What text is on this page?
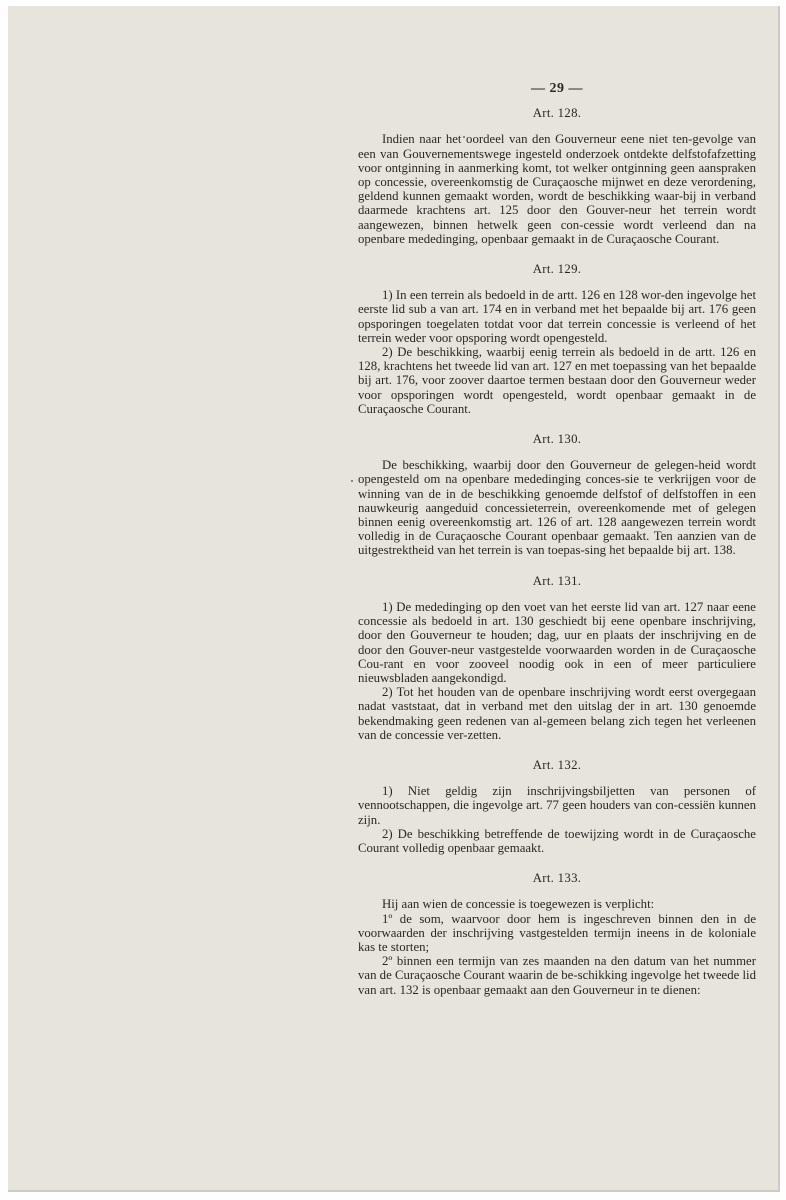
— 29 —
Art. 128.

Indien naar het oordeel van den Gouverneur eene niet ten-gevolge van een van Gouvernementswege ingesteld onderzoek ontdekte delfstofafzetting voor ontginning in aanmerking komt, tot welker ontginning geen aanspraken op concessie, overeenkomstig de Curaçaosche mijnwet en deze verordening, geldend kunnen gemaakt worden, wordt de beschikking waar-bij in verband daarmede krachtens art. 125 door den Gouver-neur het terrein wordt aangewezen, binnen hetwelk geen con-cessie wordt verleend dan na openbare mededinging, openbaar gemaakt in de Curaçaosche Courant.

Art. 129.

1) In een terrein als bedoeld in de artt. 126 en 128 wor-den ingevolge het eerste lid sub a van art. 174 en in verband met het bepaalde bij art. 176 geen opsporingen toegelaten totdat voor dat terrein concessie is verleend of het terrein weder voor opsporing wordt opengesteld.

2) De beschikking, waarbij eenig terrein als bedoeld in de artt. 126 en 128, krachtens het tweede lid van art. 127 en met toepassing van het bepaalde bij art. 176, voor zoover daartoe termen bestaan door den Gouverneur weder voor opsporingen wordt opengesteld, wordt openbaar gemaakt in de Curaçaosche Courant.

Art. 130.

De beschikking, waarbij door den Gouverneur de gelegen-heid wordt opengesteld om na openbare mededinging conces-sie te verkrijgen voor de winning van de in de beschikking genoemde delfstof of delfstoffen in een nauwkeurig aangeduid concessieterrein, overeenkomende met of gelegen binnen eenig overeenkomstig art. 126 of art. 128 aangewezen terrein wordt volledig in de Curaçaosche Courant openbaar gemaakt. Ten aanzien van de uitgestrektheid van het terrein is van toepas-sing het bepaalde bij art. 138.

Art. 131.

1) De mededinging op den voet van het eerste lid van art. 127 naar eene concessie als bedoeld in art. 130 geschiedt bij eene openbare inschrijving, door den Gouverneur te houden; dag, uur en plaats der inschrijving en de door den Gouver-neur vastgestelde voorwaarden worden in de Curaçaosche Cou-rant en voor zooveel noodig ook in een of meer particuliere nieuwsbladen aangekondigd.

2) Tot het houden van de openbare inschrijving wordt eerst overgegaan nadat vaststaat, dat in verband met den uitslag der in art. 130 genoemde bekendmaking geen redenen van al-gemeen belang zich tegen het verleenen van de concessie ver-zetten.

Art. 132.

1) Niet geldig zijn inschrijvingsbiljetten van personen of vennootschappen, die ingevolge art. 77 geen houders van con-cessiën kunnen zijn.

2) De beschikking betreffende de toewijzing wordt in de Curaçaosche Courant volledig openbaar gemaakt.

Art. 133.

Hij aan wien de concessie is toegewezen is verplicht:

1º de som, waarvoor door hem is ingeschreven binnen den in de voorwaarden der inschrijving vastgestelden termijn ineens in de koloniale kas te storten;

2º binnen een termijn van zes maanden na den datum van het nummer van de Curaçaosche Courant waarin de be-schikking ingevolge het tweede lid van art. 132 is openbaar gemaakt aan den Gouverneur in te dienen:
